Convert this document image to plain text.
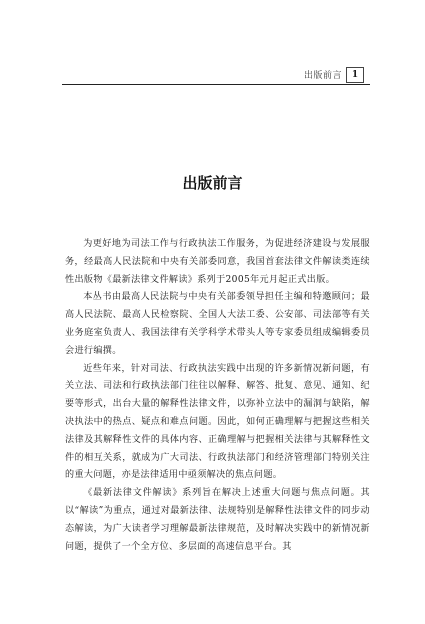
出版前言	1
出版前言

为更好地为司法工作与行政执法工作服务，为促进经济建设与发展服务，经最高人民法院和中央有关部委同意，我国首套法律文件解读类连续性出版物《最新法律文件解读》系列于2005年元月起正式出版。

本丛书由最高人民法院与中央有关部委领导担任主编和特邀顾问；最高人民法院、最高人民检察院、全国人大法工委、公安部、司法部等有关业务庭室负责人、我国法律有关学科学术带头人等专家委员组成编辑委员会进行编撰。

近些年来，针对司法、行政执法实践中出现的许多新情况新问题，有关立法、司法和行政执法部门往往以解释、解答、批复、意见、通知、纪要等形式，出台大量的解释性法律文件，以弥补立法中的漏洞与缺陷，解决执法中的热点、疑点和难点问题。因此，如何正确理解与把握这些相关法律及其解释性文件的具体内容、正确理解与把握相关法律与其解释性文件的相互关系，就成为广大司法、行政执法部门和经济管理部门特别关注的重大问题，亦是法律适用中亟须解决的焦点问题。

《最新法律文件解读》系列旨在解决上述重大问题与焦点问题。其以“解读”为重点，通过对最新法律、法规特别是解释性法律文件的同步动态解读，为广大读者学习理解最新法律规范，及时解决实践中的新情况新问题，提供了一个全方位、多层面的高速信息平台。其
